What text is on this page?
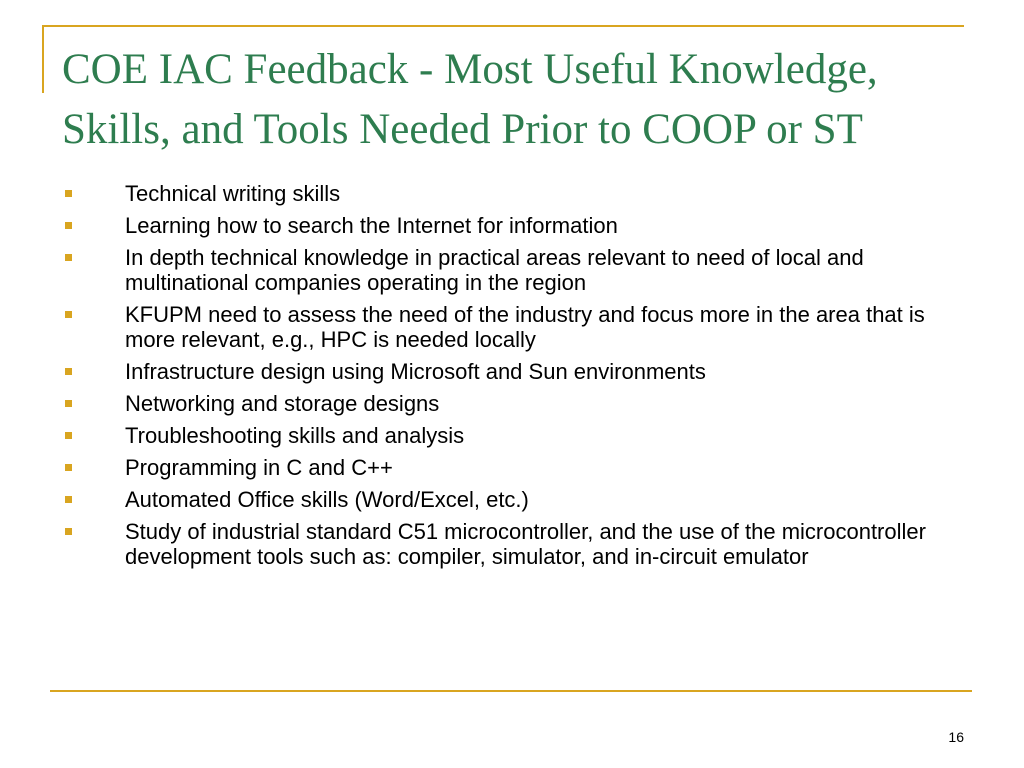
COE IAC Feedback - Most Useful Knowledge, Skills, and Tools Needed Prior to COOP or ST
Technical writing skills
Learning how to search the Internet for information
In depth technical knowledge in practical areas relevant to need of local and multinational companies operating in the region
KFUPM need to assess the need of the industry and focus more in the area that is more relevant, e.g., HPC is needed locally
Infrastructure design using Microsoft and Sun environments
Networking and storage designs
Troubleshooting skills and analysis
Programming in C and C++
Automated Office skills (Word/Excel, etc.)
Study of industrial standard C51 microcontroller, and the use of the microcontroller development tools such as: compiler, simulator, and in-circuit emulator
16
